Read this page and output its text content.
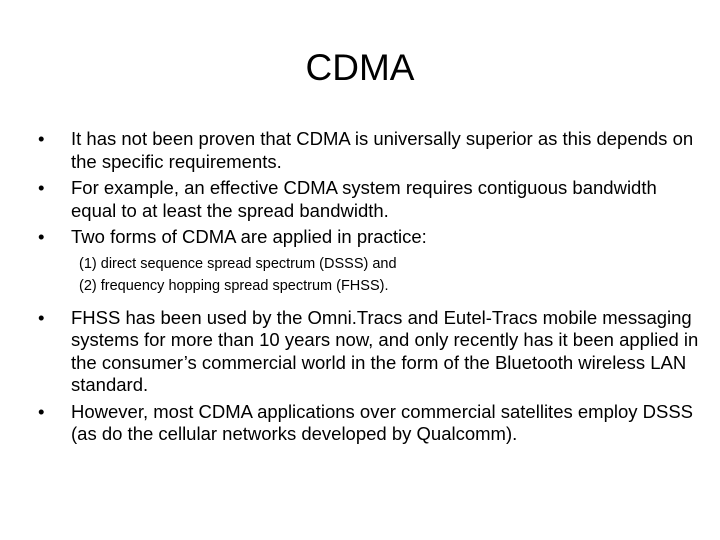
CDMA
• It has not been proven that CDMA is universally superior as this depends on the specific requirements.
• For example, an effective CDMA system requires contiguous bandwidth equal to at least the spread bandwidth.
• Two forms of CDMA are applied in practice:
(1) direct sequence spread spectrum (DSSS) and
(2) frequency hopping spread spectrum (FHSS).
• FHSS has been used by the Omni.Tracs and Eutel-Tracs mobile messaging systems for more than 10 years now, and only recently has it been applied in the consumer’s commercial world in the form of the Bluetooth wireless LAN standard.
• However, most CDMA applications over commercial satellites employ DSSS (as do the cellular networks developed by Qualcomm).
